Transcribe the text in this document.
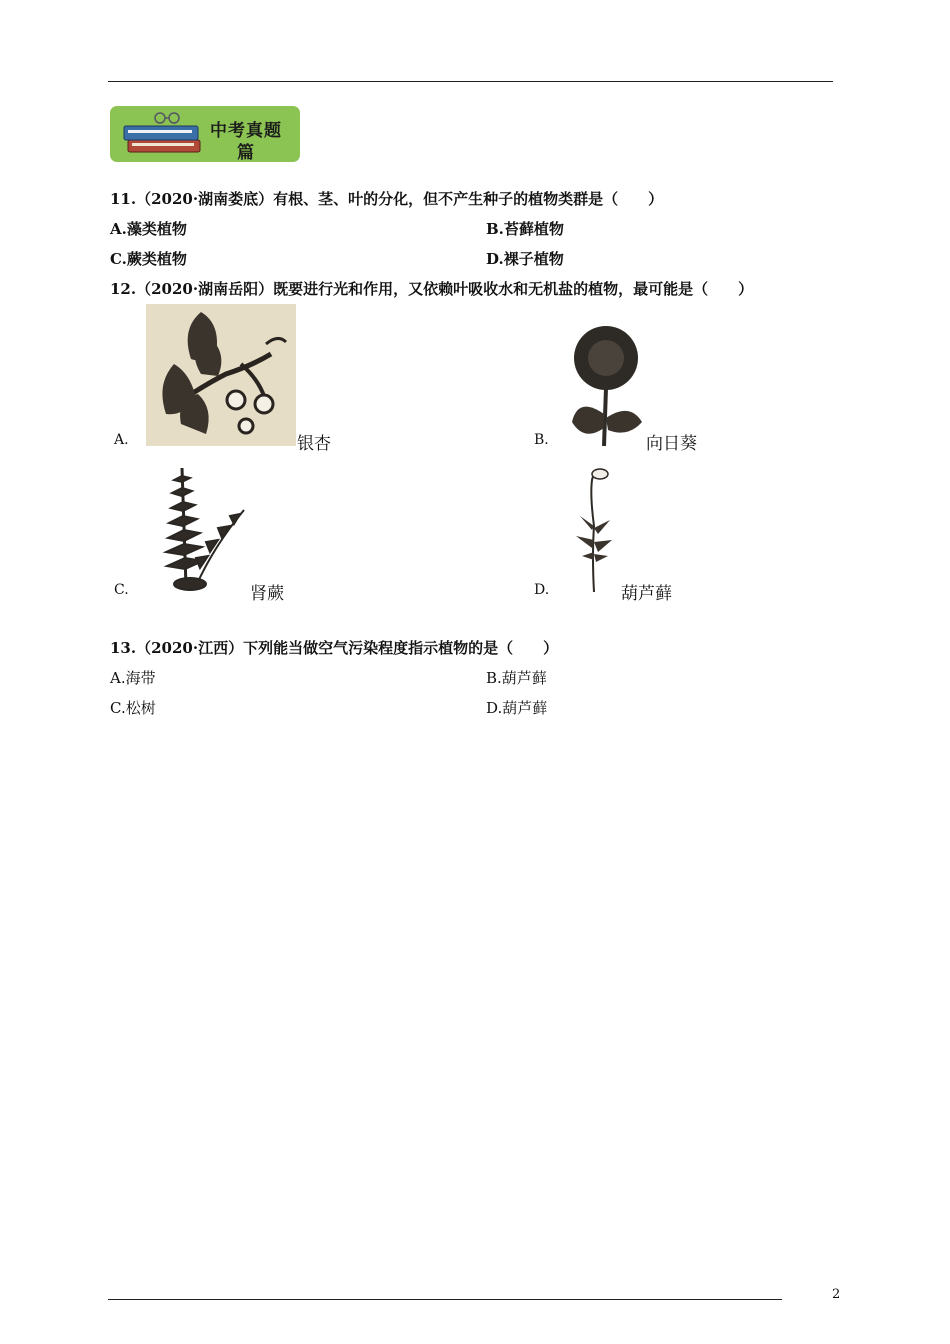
中考真题篇
11.（2020·湖南娄底）有根、茎、叶的分化，但不产生种子的植物类群是（　　）
A.藻类植物	B.苔藓植物
C.蕨类植物	D.裸子植物
12.（2020·湖南岳阳）既要进行光和作用，又依赖叶吸收水和无机盐的植物，最可能是（　　）
A.	银杏	B.	向日葵
C.	肾蕨	D.	葫芦藓
13.（2020·江西）下列能当做空气污染程度指示植物的是（　　）
A.海带	B.葫芦藓
C.松树	D.葫芦藓
2
